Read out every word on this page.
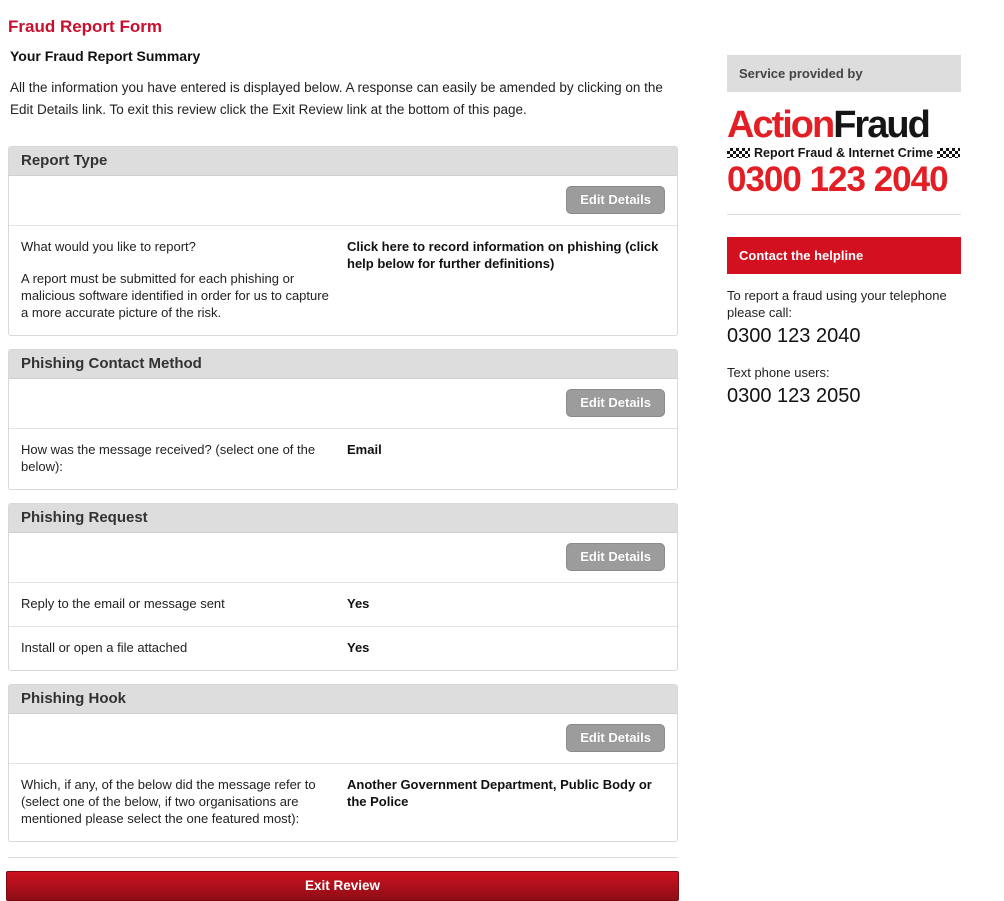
Fraud Report Form
Your Fraud Report Summary

All the information you have entered is displayed below. A response can easily be amended by clicking on the Edit Details link. To exit this review click the Exit Review link at the bottom of this page.

Report Type
Edit Details

What would you like to report?

A report must be submitted for each phishing or malicious software identified in order for us to capture a more accurate picture of the risk.

Click here to record information on phishing (click help below for further definitions)
Phishing Contact Method
Edit Details

How was the message received? (select one of the below):

Email
Phishing Request
Edit Details

Reply to the email or message sent	Yes

Install or open a file attached	Yes
Phishing Hook
Edit Details

Which, if any, of the below did the message refer to (select one of the below, if two organisations are mentioned please select the one featured most):

Another Government Department, Public Body or the Police
Exit Review
Service provided by
ActionFraud
Report Fraud & Internet Crime
0300 123 2040
Contact the helpline

To report a fraud using your telephone please call:

0300 123 2040

Text phone users:

0300 123 2050
